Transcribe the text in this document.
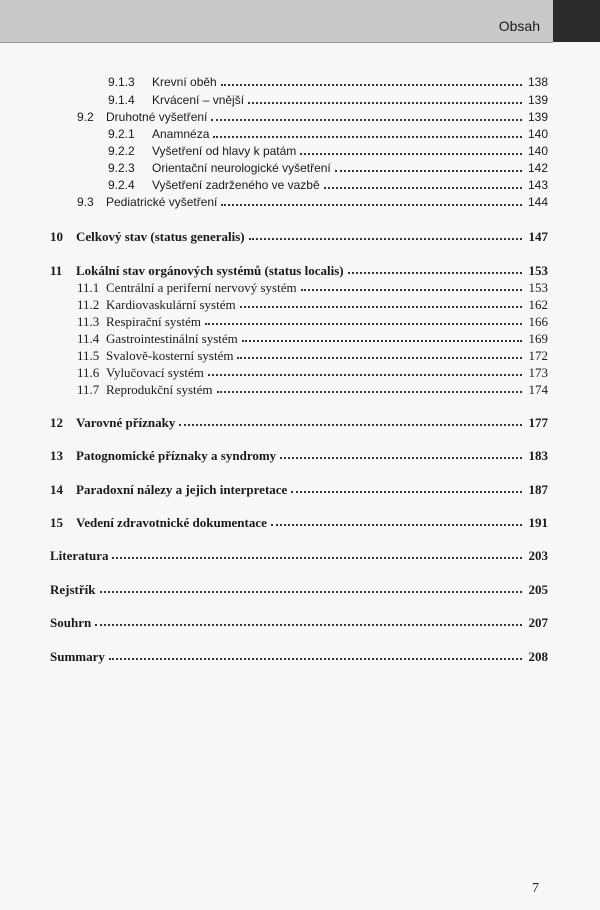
Obsah
9.1.3	Krevní oběh	138
9.1.4	Krvácení – vnější	139
9.2	Druhotné vyšetření	139
9.2.1	Anamnéza	140
9.2.2	Vyšetření od hlavy k patám	140
9.2.3	Orientační neurologické vyšetření	142
9.2.4	Vyšetření zadrženého ve vazbě	143
9.3	Pediatrické vyšetření	144
10	Celkový stav (status generalis)	147
11	Lokální stav orgánových systémů (status localis)	153
11.1 Centrální a periferní nervový systém	153
11.2 Kardiovaskulární systém	162
11.3 Respirační systém	166
11.4 Gastrointestinální systém	169
11.5 Svalově-kosterní systém	172
11.6 Vylučovací systém	173
11.7 Reprodukční systém	174
12	Varovné příznaky	177
13	Patognomické příznaky a syndromy	183
14	Paradoxní nálezy a jejich interpretace	187
15	Vedení zdravotnické dokumentace	191
Literatura	203
Rejstřík	205
Souhrn	207
Summary	208
7
